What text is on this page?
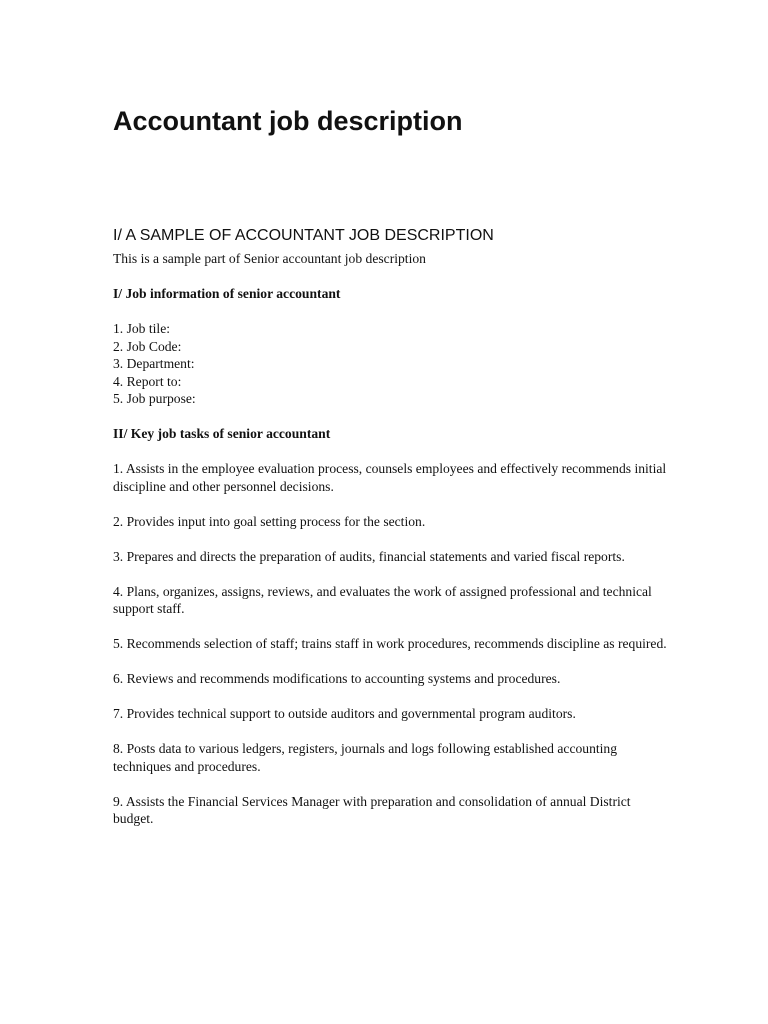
Accountant job description
I/ A SAMPLE OF ACCOUNTANT JOB DESCRIPTION

This is a sample part of Senior accountant job description

I/ Job information of senior accountant

1. Job tile:
2. Job Code:
3. Department:
4. Report to:
5. Job purpose:

II/ Key job tasks of senior accountant

1. Assists in the employee evaluation process, counsels employees and effectively recommends initial discipline and other personnel decisions.

2. Provides input into goal setting process for the section.

3. Prepares and directs the preparation of audits, financial statements and varied fiscal reports.

4. Plans, organizes, assigns, reviews, and evaluates the work of assigned professional and technical support staff.

5. Recommends selection of staff; trains staff in work procedures, recommends discipline as required.

6. Reviews and recommends modifications to accounting systems and procedures.

7. Provides technical support to outside auditors and governmental program auditors.

8. Posts data to various ledgers, registers, journals and logs following established accounting techniques and procedures.

9. Assists the Financial Services Manager with preparation and consolidation of annual District budget.
